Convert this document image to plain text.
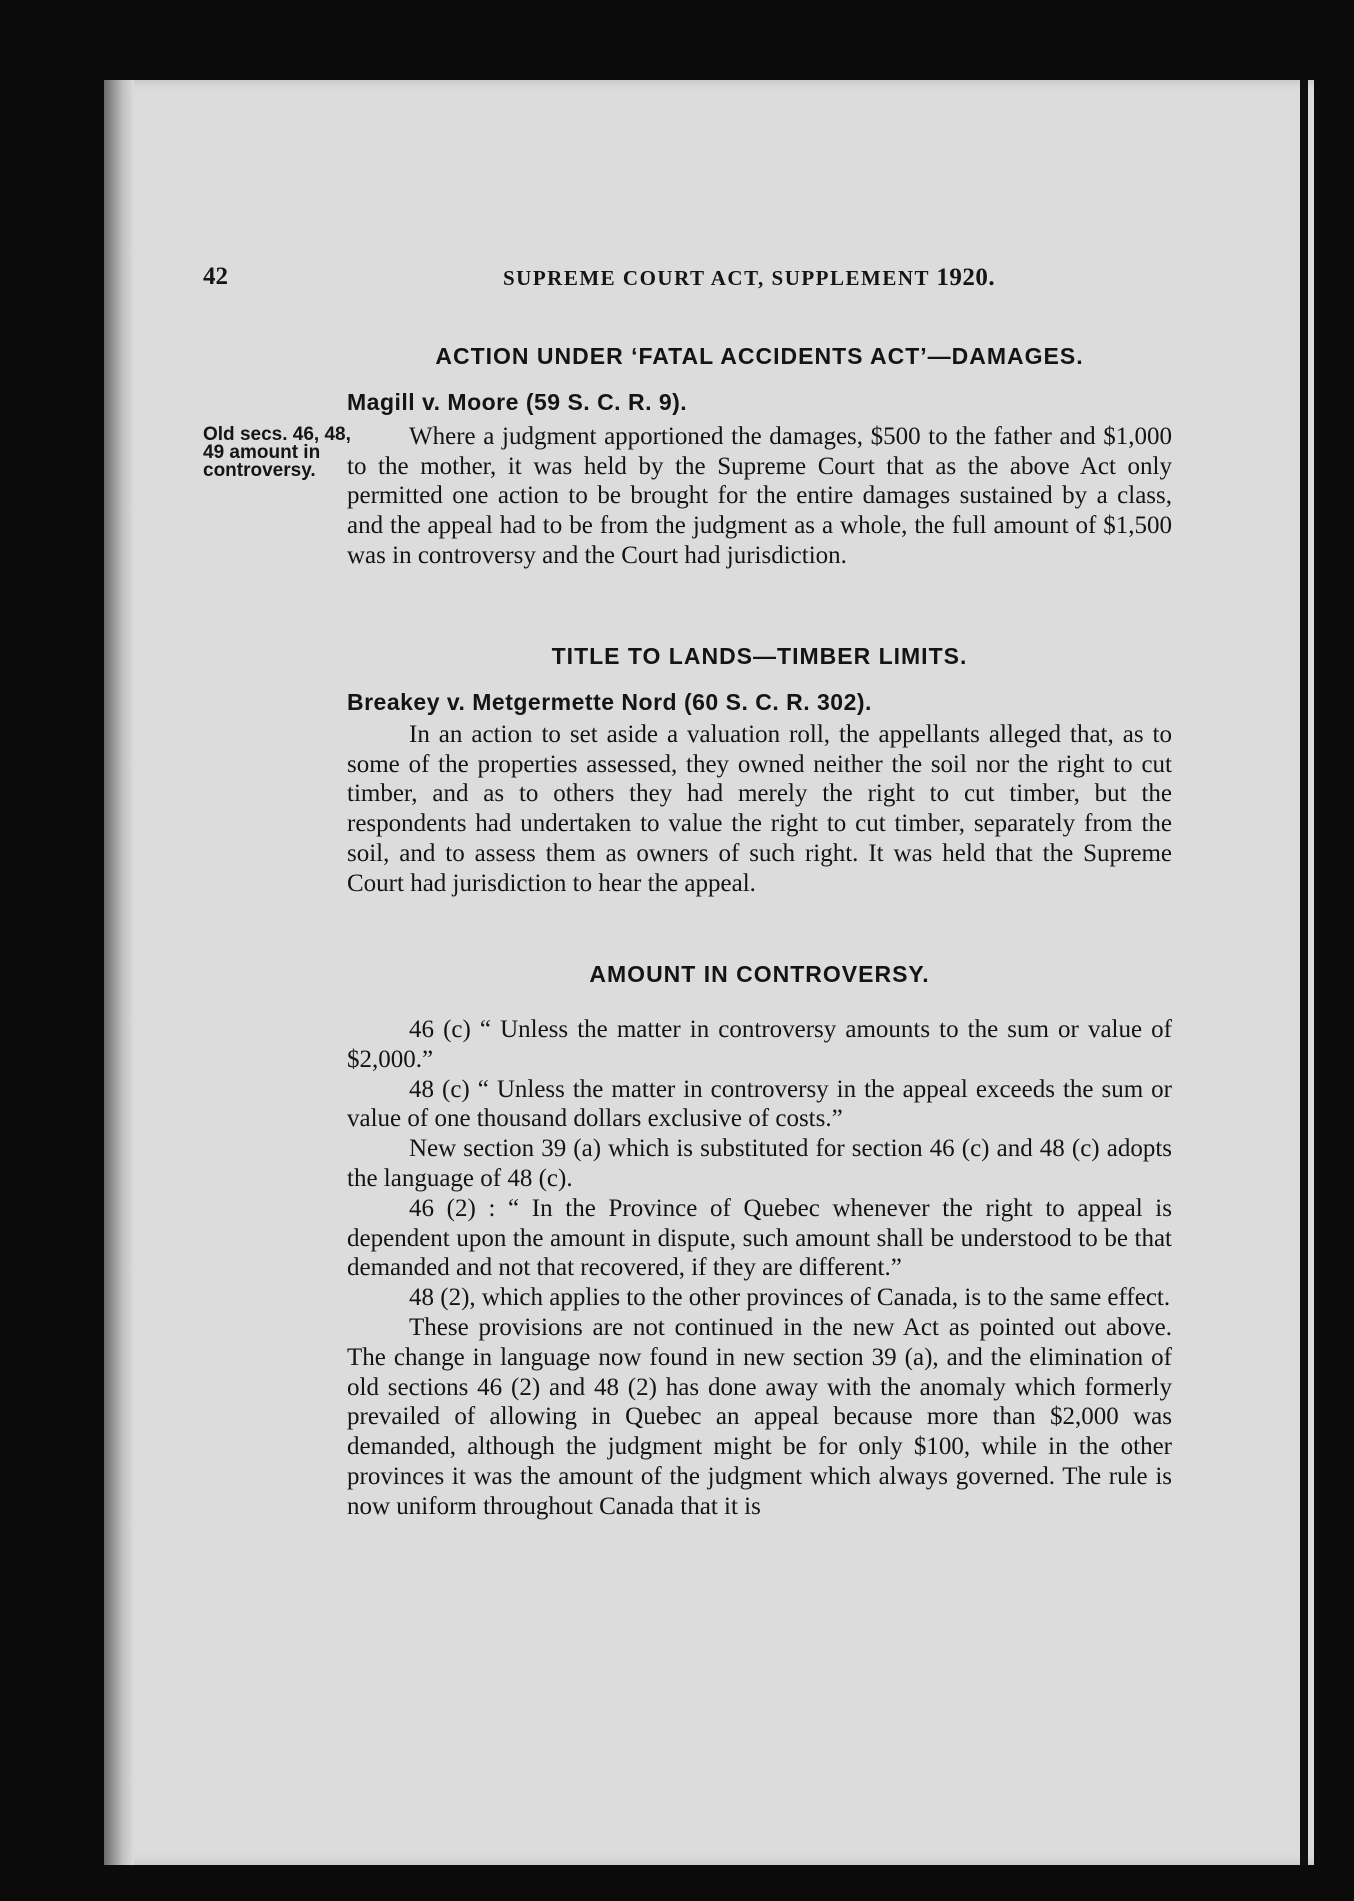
42	SUPREME COURT ACT, SUPPLEMENT 1920.
Old secs. 46, 48, 49 amount in controversy.
ACTION UNDER ‘FATAL ACCIDENTS ACT’—DAMAGES.

Magill v. Moore (59 S. C. R. 9).

Where a judgment apportioned the damages, $500 to the father and $1,000 to the mother, it was held by the Supreme Court that as the above Act only permitted one action to be brought for the entire damages sustained by a class, and the appeal had to be from the judgment as a whole, the full amount of $1,500 was in controversy and the Court had jurisdiction.

TITLE TO LANDS—TIMBER LIMITS.

Breakey v. Metgermette Nord (60 S. C. R. 302).

In an action to set aside a valuation roll, the appellants alleged that, as to some of the properties assessed, they owned neither the soil nor the right to cut timber, and as to others they had merely the right to cut timber, but the respondents had undertaken to value the right to cut timber, separately from the soil, and to assess them as owners of such right. It was held that the Supreme Court had jurisdiction to hear the appeal.

AMOUNT IN CONTROVERSY.

46 (c) “ Unless the matter in controversy amounts to the sum or value of $2,000.”

48 (c) “ Unless the matter in controversy in the appeal exceeds the sum or value of one thousand dollars exclusive of costs.”

New section 39 (a) which is substituted for section 46 (c) and 48 (c) adopts the language of 48 (c).

46 (2) : “ In the Province of Quebec whenever the right to appeal is dependent upon the amount in dispute, such amount shall be understood to be that demanded and not that recovered, if they are different.”

48 (2), which applies to the other provinces of Canada, is to the same effect.

These provisions are not continued in the new Act as pointed out above. The change in language now found in new section 39 (a), and the elimination of old sections 46 (2) and 48 (2) has done away with the anomaly which formerly prevailed of allowing in Quebec an appeal because more than $2,000 was demanded, although the judgment might be for only $100, while in the other provinces it was the amount of the judgment which always governed. The rule is now uniform throughout Canada that it is
